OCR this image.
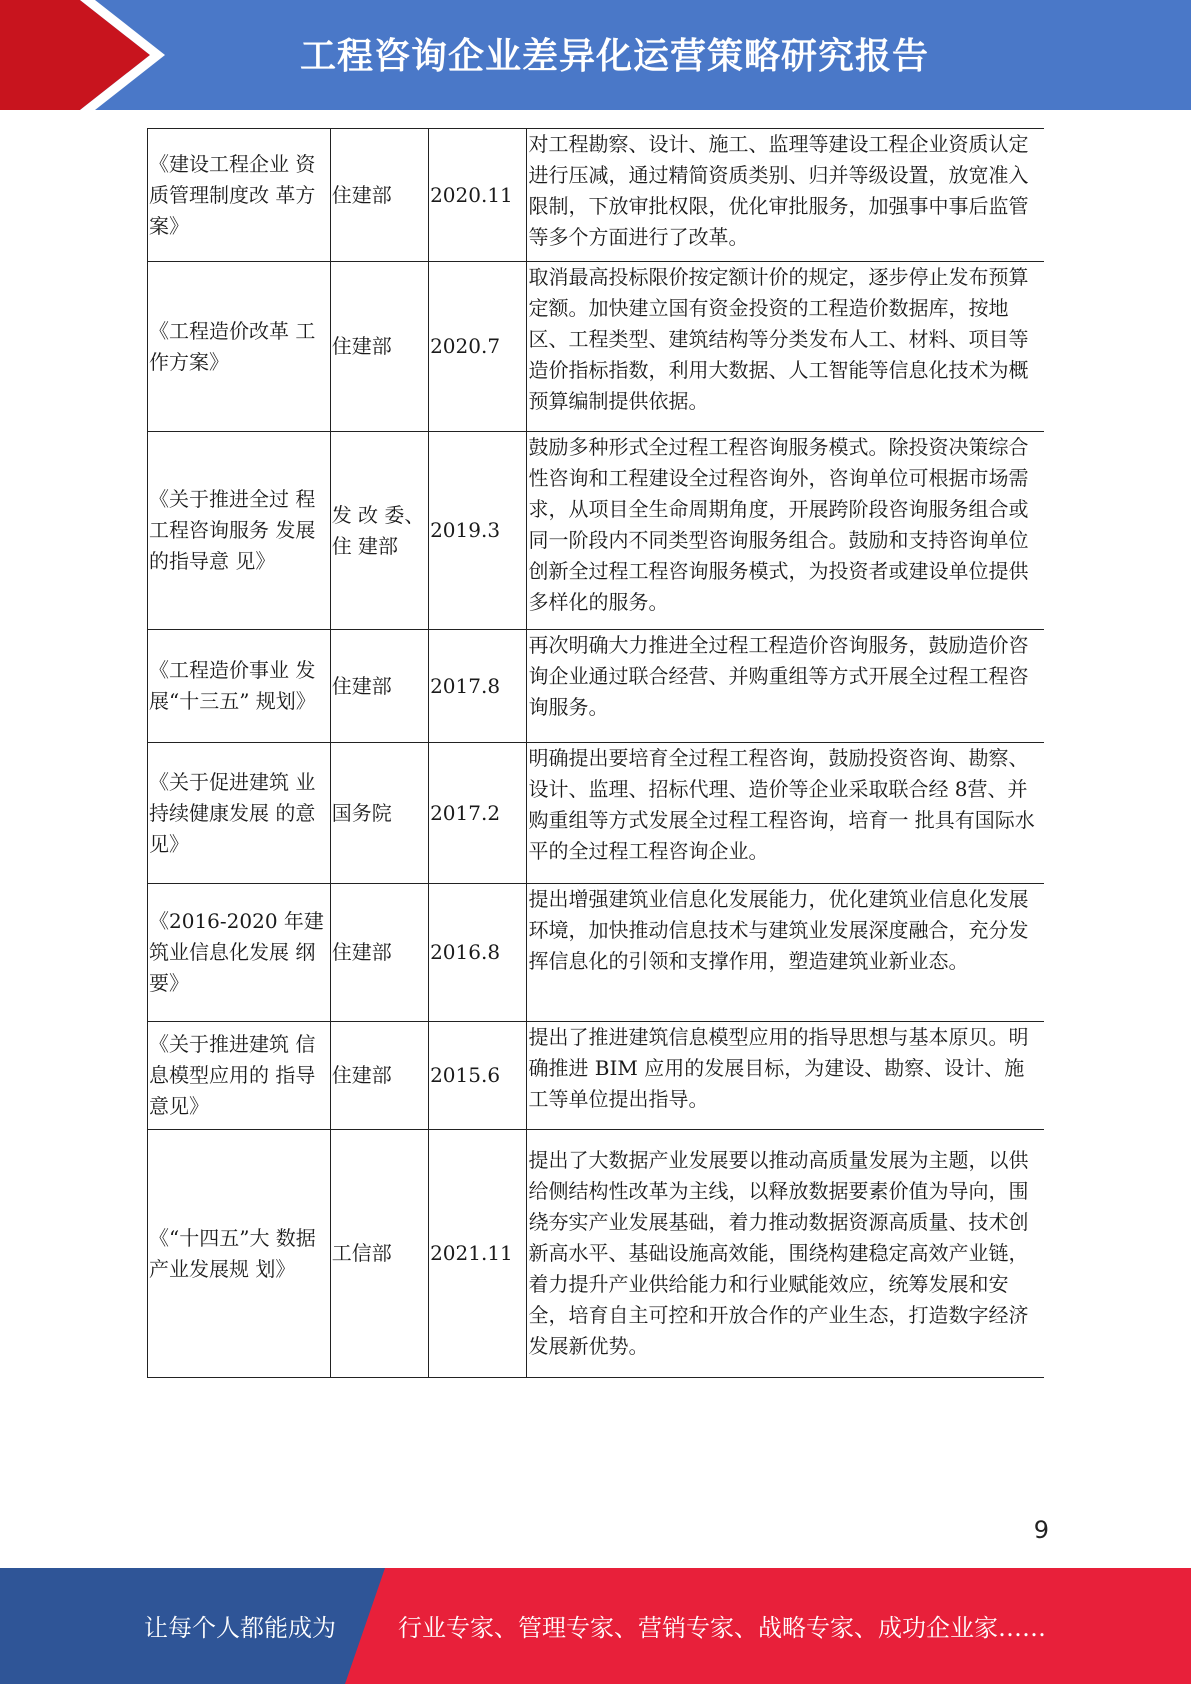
工程咨询企业差异化运营策略研究报告
《建设工程企业 资质管理制度改 革方案》	住建部	2020.11	对工程勘察、设计、施工、监理等建设工程企业资质认定进行压减，通过精简资质类别、归并等级设置，放宽准入限制，下放审批权限，优化审批服务，加强事中事后监管等多个方面进行了改革。
《工程造价改革 工作方案》	住建部	2020.7	取消最高投标限价按定额计价的规定，逐步停止发布预算定额。加快建立国有资金投资的工程造价数据库，按地区、工程类型、建筑结构等分类发布人工、材料、项目等造价指标指数，利用大数据、人工智能等信息化技术为概预算编制提供依据。
《关于推进全过 程工程咨询服务 发展的指导意 见》	发 改 委、住 建部	2019.3	鼓励多种形式全过程工程咨询服务模式。除投资决策综合性咨询和工程建设全过程咨询外，咨询单位可根据市场需求，从项目全生命周期角度，开展跨阶段咨询服务组合或同一阶段内不同类型咨询服务组合。鼓励和支持咨询单位创新全过程工程咨询服务模式，为投资者或建设单位提供多样化的服务。
《工程造价事业 发展“十三五” 规划》	住建部	2017.8	再次明确大力推进全过程工程造价咨询服务，鼓励造价咨询企业通过联合经营、并购重组等方式开展全过程工程咨询服务。
《关于促进建筑 业持续健康发展 的意见》	国务院	2017.2	明确提出要培育全过程工程咨询，鼓励投资咨询、勘察、设计、监理、招标代理、造价等企业采取联合经 8营、并购重组等方式发展全过程工程咨询，培育一 批具有国际水平的全过程工程咨询企业。
《2016-2020 年建筑业信息化发展 纲要》	住建部	2016.8	提出增强建筑业信息化发展能力，优化建筑业信息化发展环境，加快推动信息技术与建筑业发展深度融合，充分发挥信息化的引领和支撑作用，塑造建筑业新业态。
《关于推进建筑 信息模型应用的 指导意见》	住建部	2015.6	提出了推进建筑信息模型应用的指导思想与基本原贝。明确推进 BIM 应用的发展目标，为建设、勘察、设计、施工等单位提出指导。
《“十四五”大 数据产业发展规 划》	工信部	2021.11	提出了大数据产业发展要以推动高质量发展为主题，以供给侧结构性改革为主线，以释放数据要素价值为导向，围绕夯实产业发展基础，着力推动数据资源高质量、技术创新高水平、基础设施高效能，围绕构建稳定高效产业链，着力提升产业供给能力和行业赋能效应，统筹发展和安全，培育自主可控和开放合作的产业生态，打造数字经济发展新优势。
9
让每个人都能成为	行业专家、管理专家、营销专家、战略专家、成功企业家……
